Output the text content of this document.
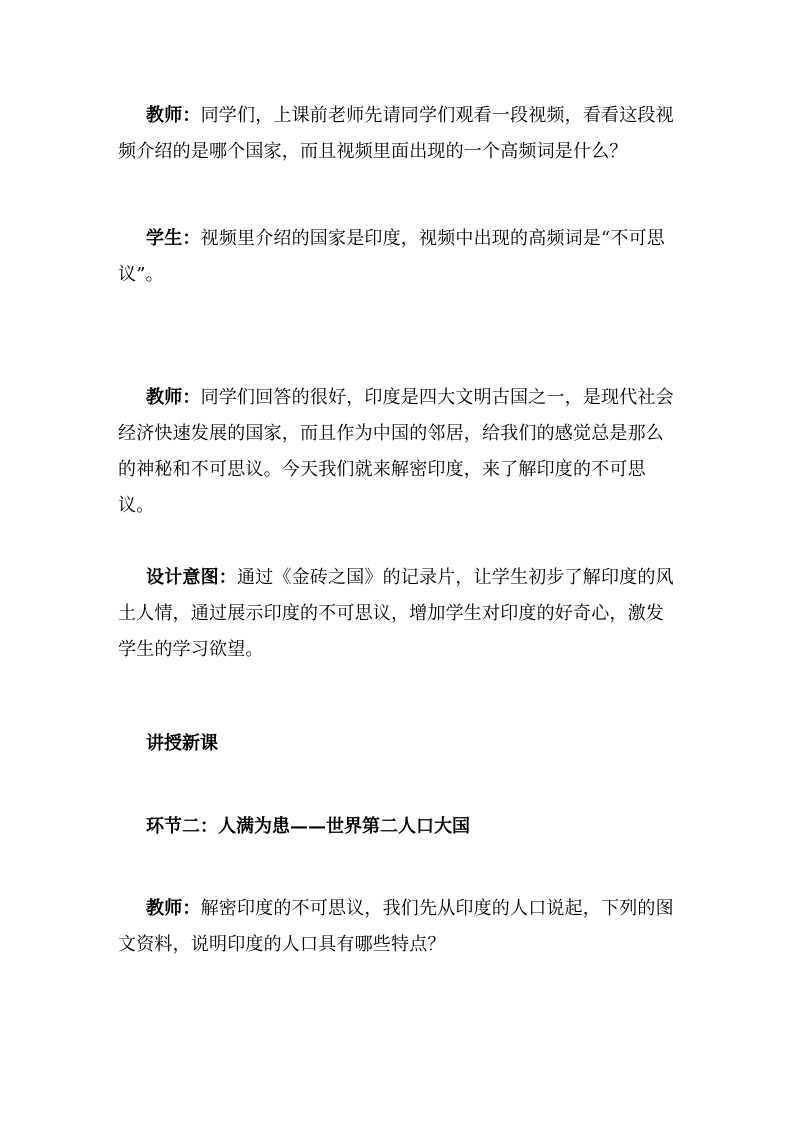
教师：同学们，上课前老师先请同学们观看一段视频，看看这段视频介绍的是哪个国家，而且视频里面出现的一个高频词是什么？

学生：视频里介绍的国家是印度，视频中出现的高频词是“不可思议”。

教师：同学们回答的很好，印度是四大文明古国之一，是现代社会经济快速发展的国家，而且作为中国的邻居，给我们的感觉总是那么的神秘和不可思议。今天我们就来解密印度，来了解印度的不可思议。

设计意图：通过《金砖之国》的记录片，让学生初步了解印度的风土人情，通过展示印度的不可思议，增加学生对印度的好奇心，激发学生的学习欲望。

讲授新课

环节二：人满为患——世界第二人口大国

教师：解密印度的不可思议，我们先从印度的人口说起，下列的图文资料，说明印度的人口具有哪些特点？
